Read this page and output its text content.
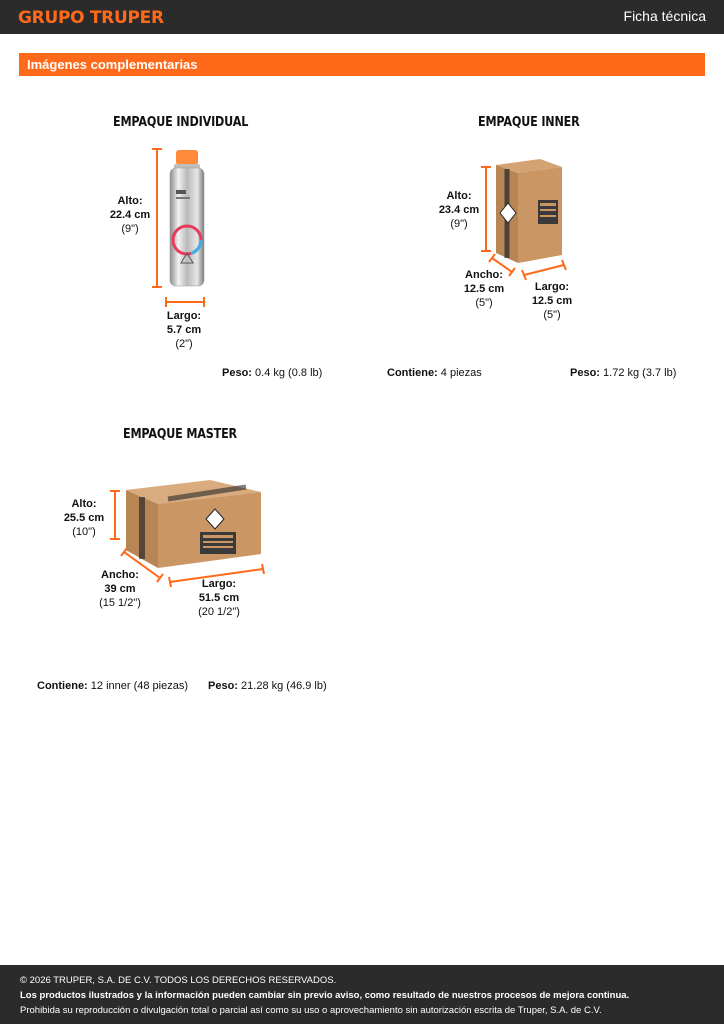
GRUPO TRUPER	Ficha técnica
Imágenes complementarias
EMPAQUE INDIVIDUAL
Alto:
22.4 cm
(9")
Largo:
5.7 cm
(2")
Peso: 0.4 kg (0.8 lb)
EMPAQUE INNER
Alto:
23.4 cm
(9")
Ancho:
12.5 cm
(5")
Largo:
12.5 cm
(5")
Contiene: 4 piezas	Peso: 1.72 kg (3.7 lb)
EMPAQUE MASTER
Alto:
25.5 cm
(10")
Ancho:
39 cm
(15 1/2")
Largo:
51.5 cm
(20 1/2")
Contiene: 12 inner (48 piezas) Peso: 21.28 kg (46.9 lb)
© 2026 TRUPER, S.A. DE C.V. TODOS LOS DERECHOS RESERVADOS.
Los productos ilustrados y la información pueden cambiar sin previo aviso, como resultado de nuestros procesos de mejora continua.
Prohibida su reproducción o divulgación total o parcial así como su uso o aprovechamiento sin autorización escrita de Truper, S.A. de C.V.
